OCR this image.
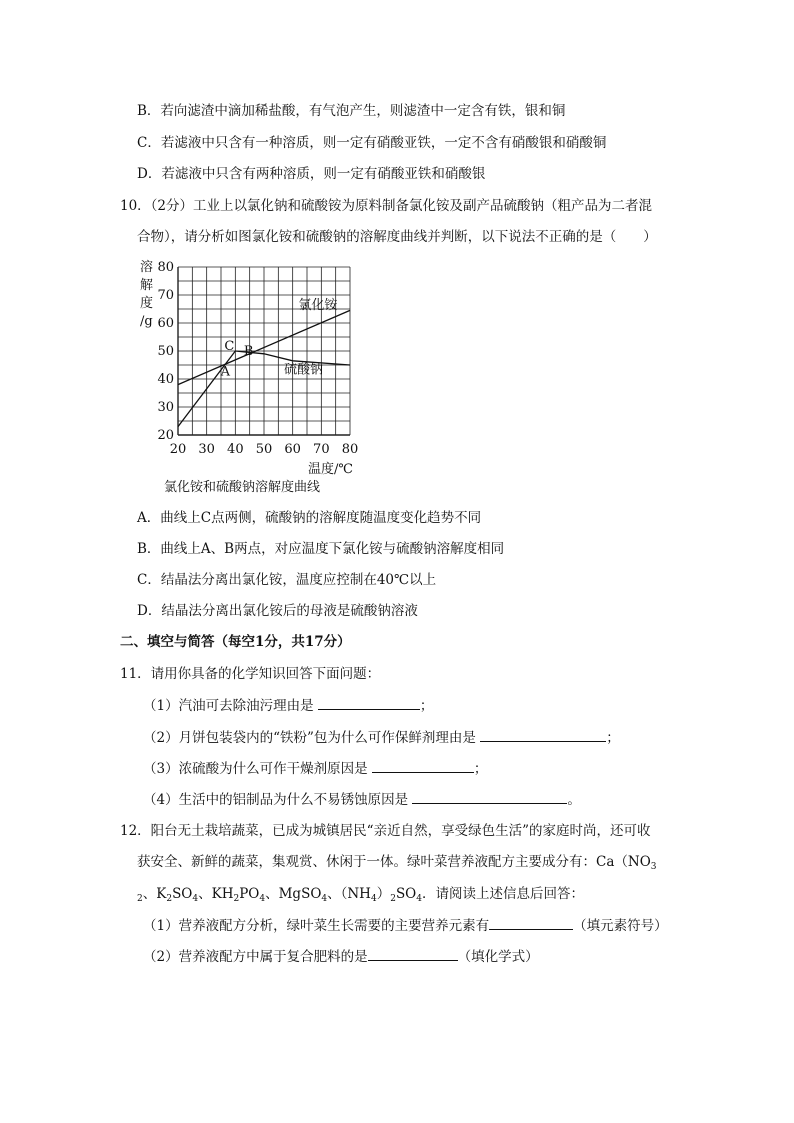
B．若向滤渣中滴加稀盐酸，有气泡产生，则滤渣中一定含有铁，银和铜
C．若滤液中只含有一种溶质，则一定有硝酸亚铁，一定不含有硝酸银和硝酸铜
D．若滤液中只含有两种溶质，则一定有硝酸亚铁和硝酸银
10．（2分）工业上以氯化钠和硫酸铵为原料制备氯化铵及副产品硫酸钠（粗产品为二者混
合物），请分析如图氯化铵和硫酸钠的溶解度曲线并判断，以下说法不正确的是（　　）
溶
解
度
/g
20
30
40
50
60
70
80
20 30 40 50 60 70 80
A
B
C
氯化铵
硫酸钠
温度/℃
氯化铵和硫酸钠溶解度曲线
A．曲线上C点两侧，硫酸钠的溶解度随温度变化趋势不同
B．曲线上A、B两点，对应温度下氯化铵与硫酸钠溶解度相同
C．结晶法分离出氯化铵，温度应控制在40℃以上
D．结晶法分离出氯化铵后的母液是硫酸钠溶液
二、填空与简答（每空1分，共17分）
11．请用你具备的化学知识回答下面问题：
（1）汽油可去除油污理由是	；
（2）月饼包装袋内的“铁粉”包为什么可作保鲜剂理由是	；
（3）浓硫酸为什么可作干燥剂原因是	；
（4）生活中的铝制品为什么不易锈蚀原因是	。
12．阳台无土栽培蔬菜，已成为城镇居民“亲近自然，享受绿色生活”的家庭时尚，还可收
获安全、新鲜的蔬菜，集观赏、休闲于一体。绿叶菜营养液配方主要成分有：$Ca(NO_3$
$_2$、$K_2SO_4$、$KH_2PO_4$、MgSO$_4$、$(NH_4)_2SO_4$．请阅读上述信息后回答：
（1）营养液配方分析，绿叶菜生长需要的主要营养元素有	（填元素符号）
（2）营养液配方中属于复合肥料的是	（填化学式）
